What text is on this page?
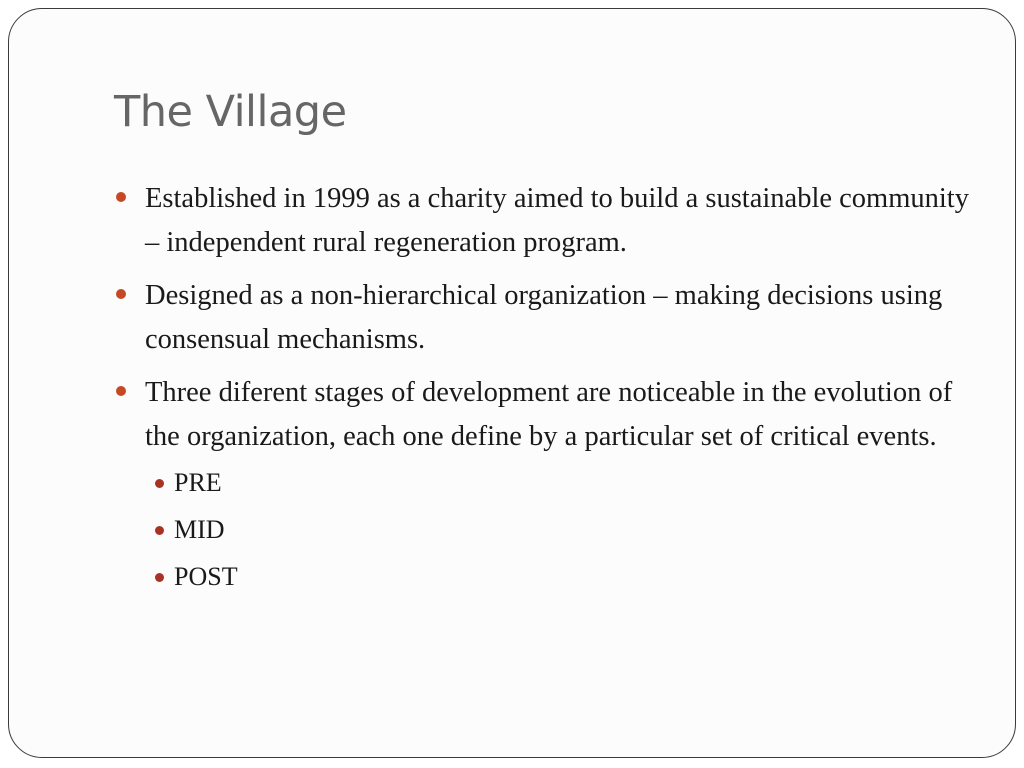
The Village
Established in 1999 as a charity aimed to build a sustainable community – independent rural regeneration program.
Designed as a non-hierarchical organization – making decisions using consensual mechanisms.
Three diferent stages of development are noticeable in the evolution of the organization, each one define by a particular set of critical events.
PRE
MID
POST
